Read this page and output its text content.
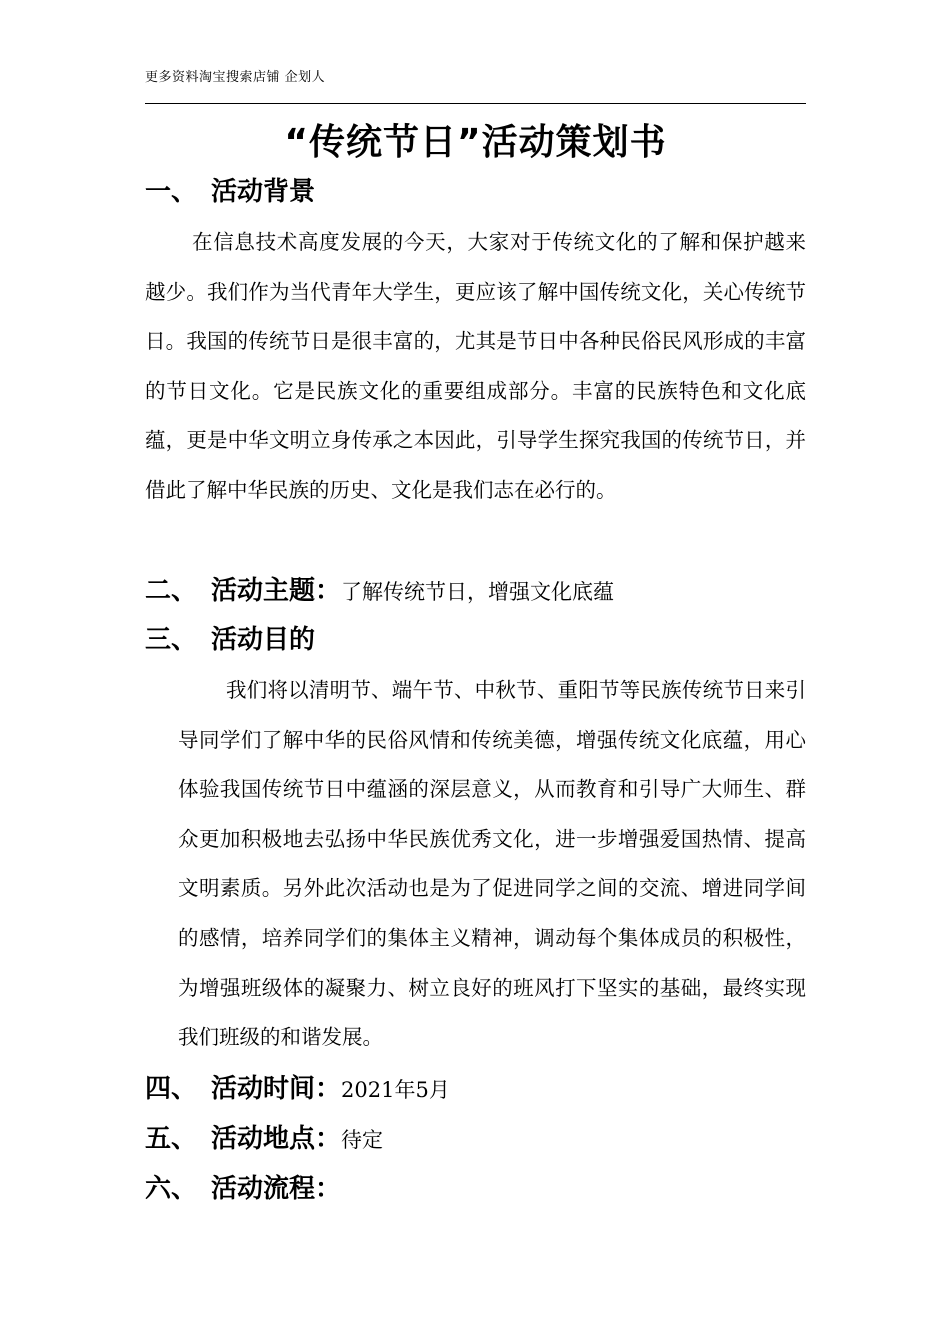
更多资料淘宝搜索店铺 企划人
“传统节日”活动策划书
一、 活动背景

在信息技术高度发展的今天，大家对于传统文化的了解和保护越来越少。我们作为当代青年大学生，更应该了解中国传统文化，关心传统节日。我国的传统节日是很丰富的，尤其是节日中各种民俗民风形成的丰富的节日文化。它是民族文化的重要组成部分。丰富的民族特色和文化底蕴，更是中华文明立身传承之本因此，引导学生探究我国的传统节日，并借此了解中华民族的历史、文化是我们志在必行的。

二、 活动主题：了解传统节日，增强文化底蕴
三、 活动目的

我们将以清明节、端午节、中秋节、重阳节等民族传统节日来引导同学们了解中华的民俗风情和传统美德，增强传统文化底蕴，用心体验我国传统节日中蕴涵的深层意义，从而教育和引导广大师生、群众更加积极地去弘扬中华民族优秀文化，进一步增强爱国热情、提高文明素质。另外此次活动也是为了促进同学之间的交流、增进同学间的感情，培养同学们的集体主义精神，调动每个集体成员的积极性，为增强班级体的凝聚力、树立良好的班风打下坚实的基础，最终实现我们班级的和谐发展。

四、 活动时间：2021年5月
五、 活动地点：待定
六、 活动流程：
